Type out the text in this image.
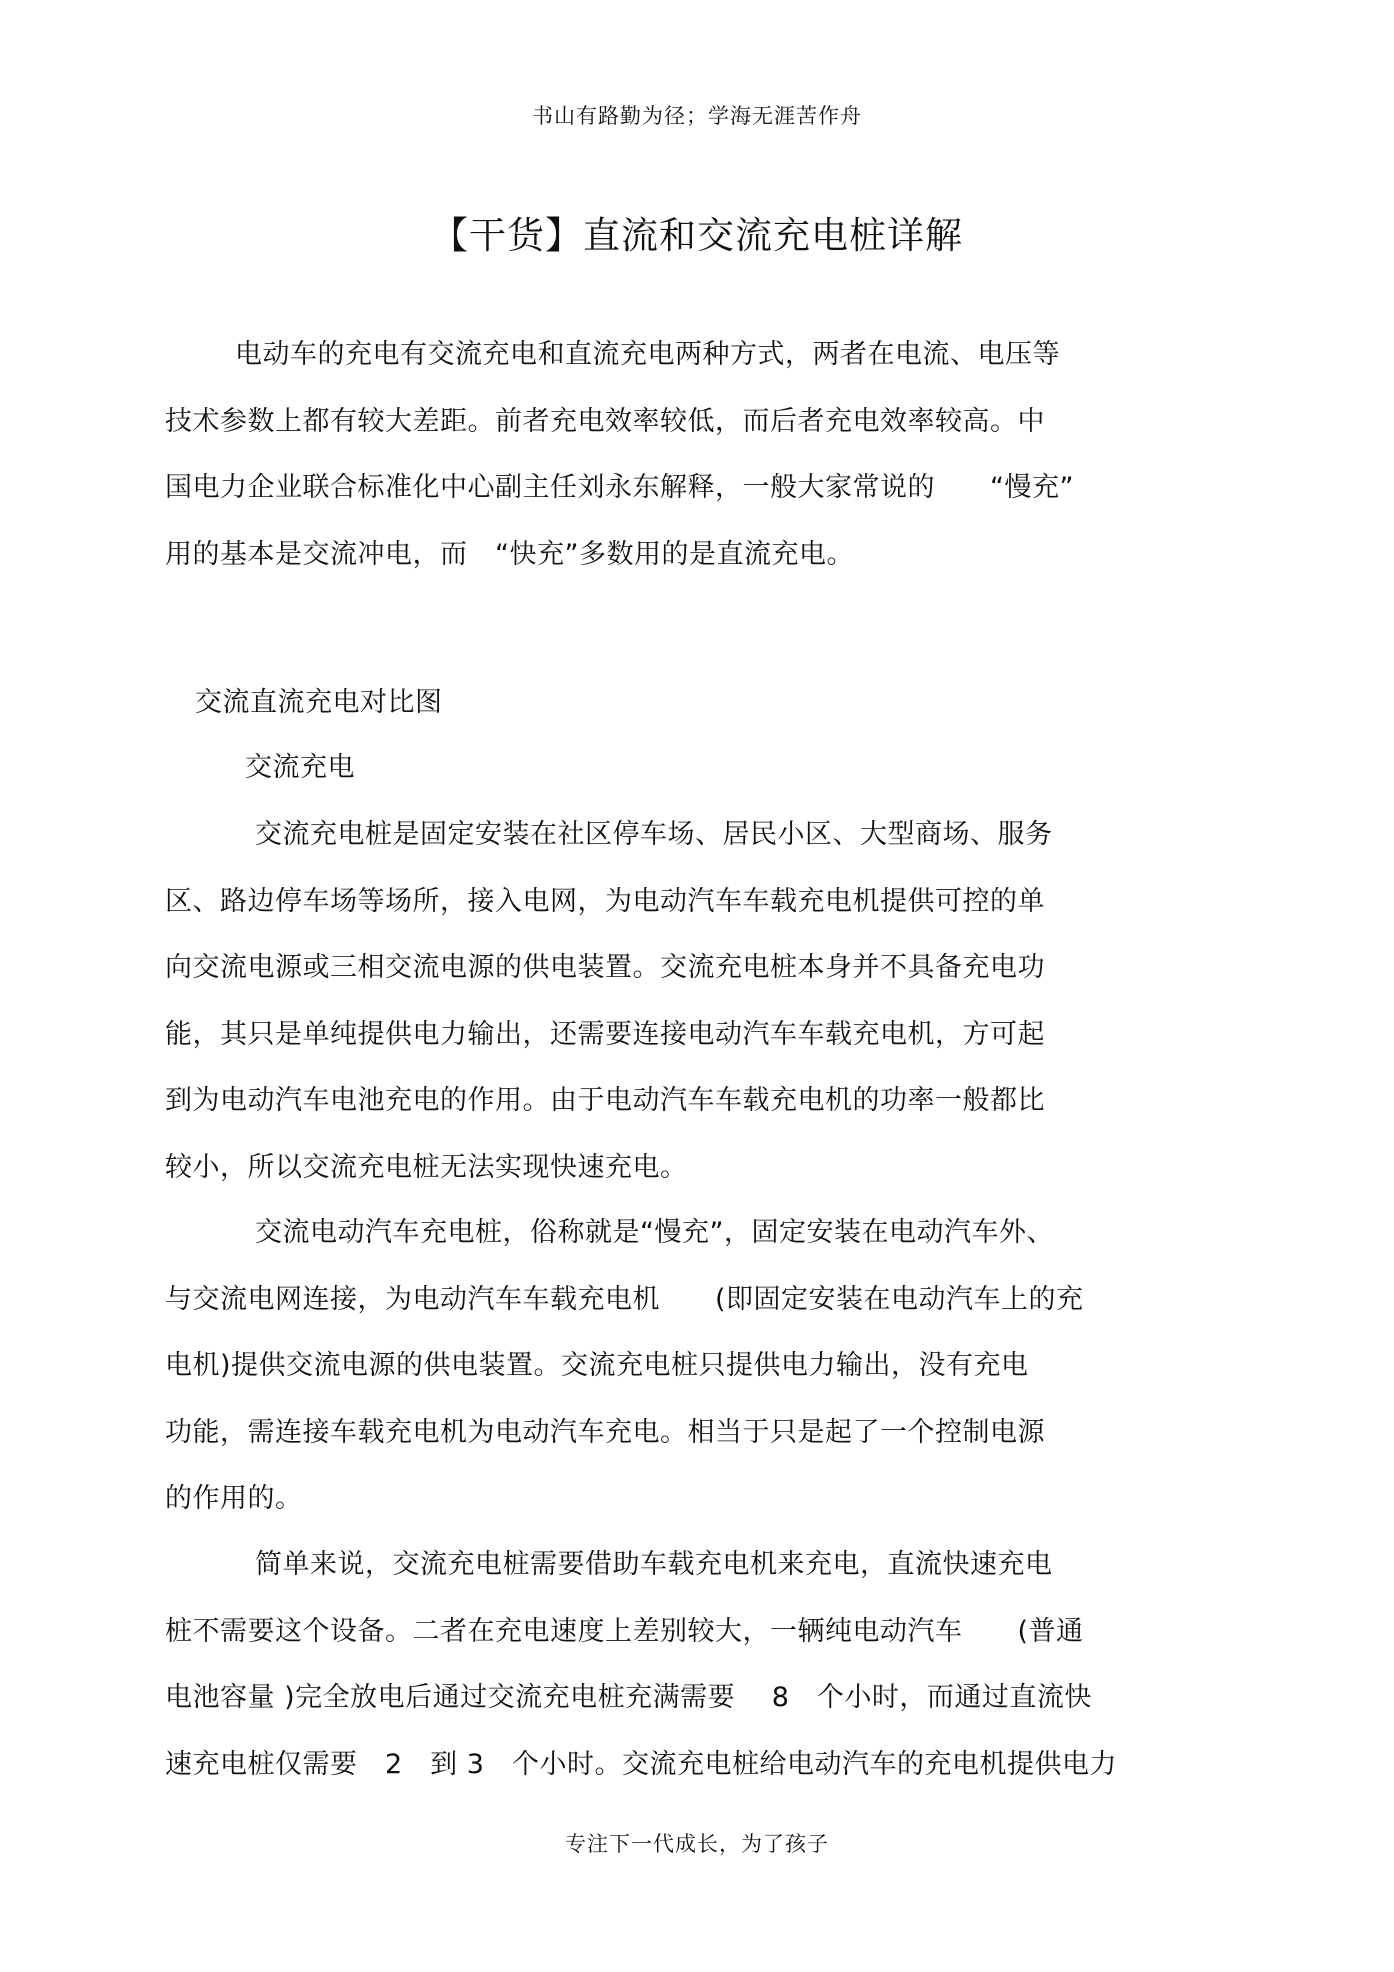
书山有路勤为径；学海无涯苦作舟
【干货】直流和交流充电桩详解

电动车的充电有交流充电和直流充电两种方式，两者在电流、电压等
技术参数上都有较大差距。前者充电效率较低，而后者充电效率较高。中
国电力企业联合标准化中心副主任刘永东解释，一般大家常说的　　“慢充”
用的基本是交流冲电，而　“快充”多数用的是直流充电。

交流直流充电对比图
交流充电

交流充电桩是固定安装在社区停车场、居民小区、大型商场、服务
区、路边停车场等场所，接入电网，为电动汽车车载充电机提供可控的单
向交流电源或三相交流电源的供电装置。交流充电桩本身并不具备充电功
能，其只是单纯提供电力输出，还需要连接电动汽车车载充电机，方可起
到为电动汽车电池充电的作用。由于电动汽车车载充电机的功率一般都比
较小，所以交流充电桩无法实现快速充电。

交流电动汽车充电桩，俗称就是“慢充”，固定安装在电动汽车外、
与交流电网连接，为电动汽车车载充电机　　(即固定安装在电动汽车上的充
电机)提供交流电源的供电装置。交流充电桩只提供电力输出，没有充电
功能，需连接车载充电机为电动汽车充电。相当于只是起了一个控制电源
的作用的。

简单来说，交流充电桩需要借助车载充电机来充电，直流快速充电
桩不需要这个设备。二者在充电速度上差别较大，一辆纯电动汽车　　(普通
电池容量 )完全放电后通过交流充电桩充满需要　 8　个小时，而通过直流快
速充电桩仅需要　2　到 3　个小时。交流充电桩给电动汽车的充电机提供电力

专注下一代成长，为了孩子
